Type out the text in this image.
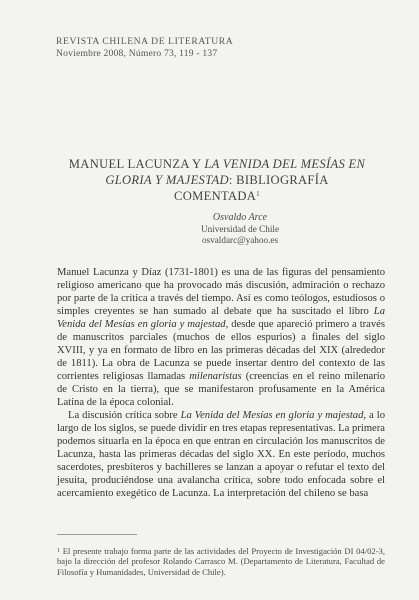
REVISTA CHILENA DE LITERATURA
Noviembre 2008, Número 73, 119 - 137
MANUEL LACUNZA Y LA VENIDA DEL MESÍAS EN GLORIA Y MAJESTAD: BIBLIOGRAFÍA COMENTADA$^1$
Osvaldo Arce
Universidad de Chile
osvaldarc@yahoo.es

Manuel Lacunza y Díaz (1731-1801) es una de las figuras del pensamiento religioso americano que ha provocado más discusión, admiración o rechazo por parte de la crítica a través del tiempo. Así es como teólogos, estudiosos o simples creyentes se han sumado al debate que ha suscitado el libro La Venida del Mesías en gloria y majestad, desde que apareció primero a través de manuscritos parciales (muchos de ellos espurios) a finales del siglo XVIII, y ya en formato de libro en las primeras décadas del XIX (alrededor de 1811). La obra de Lacunza se puede insertar dentro del contexto de las corrientes religiosas llamadas milenaristas (creencias en el reino milenario de Cristo en la tierra), que se manifestaron profusamente en la América Latina de la época colonial.

La discusión crítica sobre La Venida del Mesías en gloria y majestad, a lo largo de los siglos, se puede dividir en tres etapas representativas. La primera podemos situarla en la época en que entran en circulación los manuscritos de Lacunza, hasta las primeras décadas del siglo XX. En este período, muchos sacerdotes, presbíteros y bachilleres se lanzan a apoyar o refutar el texto del jesuita, produciéndose una avalancha crítica, sobre todo enfocada sobre el acercamiento exegético de Lacunza. La interpretación del chileno se basa

$^1$ El presente trabajo forma parte de las actividades del Proyecto de Investigación DI 04/02-3, bajo la dirección del profesor Rolando Carrasco M. (Departamento de Literatura, Facultad de Filosofía y Humanidades, Universidad de Chile).
